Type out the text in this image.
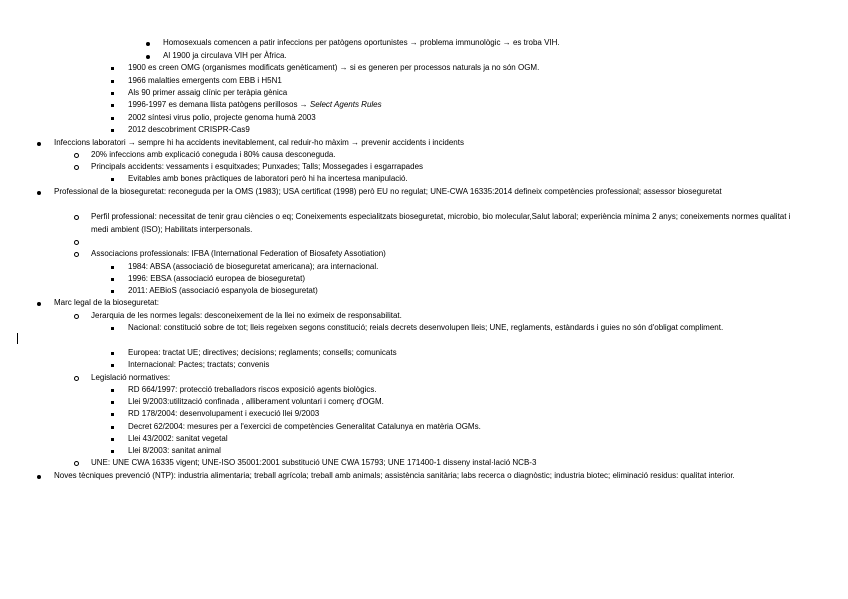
Homosexuals comencen a patir infeccions per patògens oportunistes → problema immunològic → es troba VIH.
Al 1900 ja circulava VIH per Àfrica.
1900 es creen OMG (organismes modificats genèticament) → si es generen per processos naturals ja no són OGM.
1966 malalties emergents com EBB i H5N1
Als 90 primer assaig clínic per teràpia gènica
1996-1997 es demana llista patògens perillosos → Select Agents Rules
2002 síntesi virus polio, projecte genoma humà 2003
2012 descobriment CRISPR-Cas9
Infeccions laboratori → sempre hi ha accidents inevitablement, cal reduir-ho màxim → prevenir accidents i incidents
20% infeccions amb explicació coneguda i 80% causa desconeguda.
Principals accidents: vessaments i esquitxades; Punxades; Talls; Mossegades i esgarrapades
Evitables amb bones pràctiques de laboratori però hi ha incertesa manipulació.
Professional de la bioseguretat: reconeguda per la OMS (1983); USA certificat (1998) però EU no regulat; UNE-CWA 16335:2014 defineix competències professional; assessor bioseguretat
Perfil professional: necessitat de tenir grau ciències o eq; Coneixements especialitzats bioseguretat, microbio, bio molecular,Salut laboral; experiència mínima 2 anys; coneixements normes qualitat i medi ambient (ISO); Habilitats interpersonals.
Associacions professionals: IFBA (International Federation of Biosafety Assotiation)
1984: ABSA (associació de bioseguretat americana); ara internacional.
1996: EBSA (associació europea de bioseguretat)
2011: AEBioS (associació espanyola de bioseguretat)
Marc legal de la bioseguretat:
Jerarquia de les normes legals: desconeixement de la llei no eximeix de responsabilitat.
Nacional: constitució sobre de tot; lleis regeixen segons constitució; reials decrets desenvolupen lleis; UNE, reglaments, estàndards i guies no són d'obligat compliment.
Europea: tractat UE; directives; decisions; reglaments; consells; comunicats
Internacional: Pactes; tractats; convenis
Legislació normatives:
RD 664/1997: protecció treballadors riscos exposició agents biològics.
Llei 9/2003:utilització confinada , alliberament voluntari i comerç d'OGM.
RD 178/2004: desenvolupament i execució llei 9/2003
Decret 62/2004: mesures per a l'exercici de competències Generalitat Catalunya en matèria OGMs.
Llei 43/2002: sanitat vegetal
Llei 8/2003: sanitat animal
UNE: UNE CWA 16335 vigent; UNE-ISO 35001:2001 substitució UNE CWA 15793; UNE 171400-1 disseny instal·lació NCB-3
Noves tècniques prevenció (NTP): industria alimentaria; treball agrícola; treball amb animals; assistència sanitària; labs recerca o diagnòstic; industria biotec; eliminació residus: qualitat interior.
